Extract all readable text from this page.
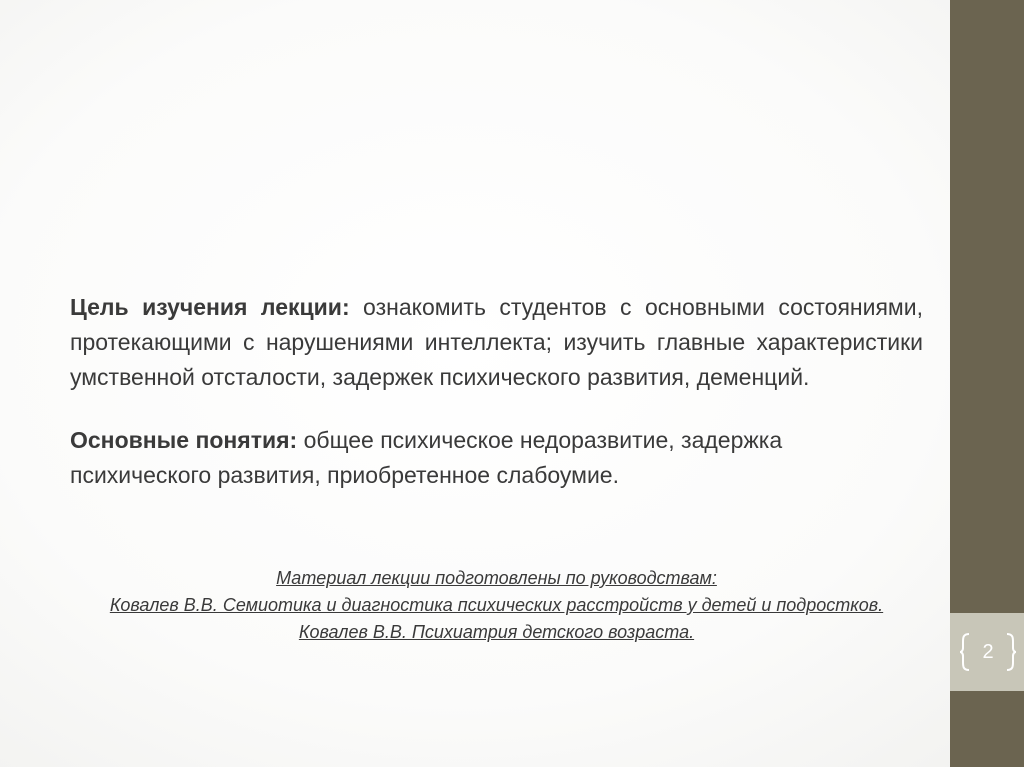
2

Цель изучения лекции: ознакомить студентов с основными состояниями, протекающими с нарушениями интеллекта; изучить главные характеристики умственной отсталости, задержек психического развития, деменций.

Основные понятия: общее психическое недоразвитие, задержка психического развития, приобретенное слабоумие.

Материал лекции подготовлены по руководствам:
Ковалев В.В. Семиотика и диагностика психических расстройств у детей и подростков.
Ковалев В.В. Психиатрия детского возраста.
